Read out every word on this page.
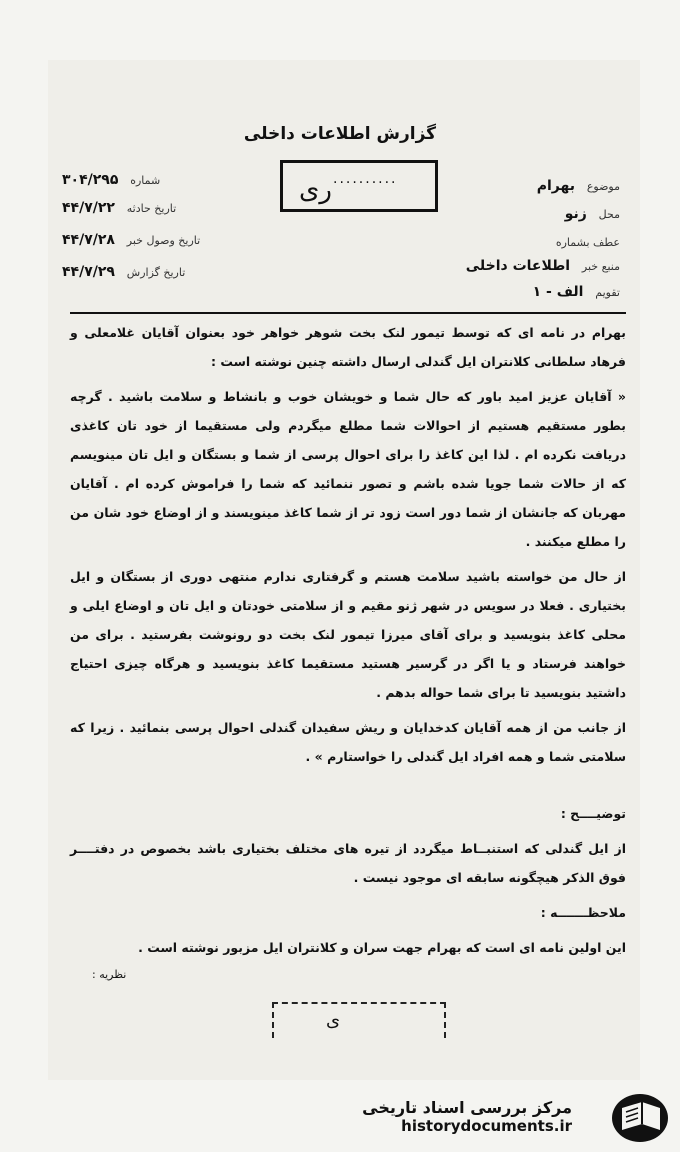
گزارش اطلاعات داخلی
..........
ری
شماره ۳۰۴/۲۹۵
تاریخ حادثه ۴۴/۷/۲۲
تاریخ وصول خبر ۴۴/۷/۲۸
تاریخ گزارش ۴۴/۷/۲۹
موضوع بهرام
محل زنو
عطف بشماره
منبع خبر اطلاعات داخلی
تقویم الف - ۱

بهرام در نامه ای که توسط تیمور لنک بخت شوهر خواهر خود بعنوان آقایان غلامعلی و فرهاد سلطانی کلانتران ایل گندلی ارسال داشته چنین نوشته است :

« آقایان عزیز امید باور که حال شما و خویشان خوب و بانشاط و سلامت باشید . گرچه بطور مستقیم هستیم از احوالات شما مطلع میگردم ولی مستقیما از خود تان کاغذی دریافت نکرده ام . لذا این کاغذ را برای احوال پرسی از شما و بستگان و ایل تان مینویسم که از حالات شما جویا شده باشم و تصور ننمائید که شما را فراموش کرده ام . آقایان مهربان که جانشان از شما دور است زود تر از شما کاغذ مینویسند و از اوضاع خود شان من را مطلع میکنند .

از حال من خواسته باشید سلامت هستم و گرفتاری ندارم منتهی دوری از بستگان و ایل بختیاری . فعلا در سویس در شهر ژنو مقیم و از سلامتی خودتان و ایل تان و اوضاع ایلی و محلی کاغذ بنویسید و برای آقای میرزا تیمور لنک بخت دو رونوشت بفرستید . برای من خواهند فرستاد و یا اگر در گرسیر هستید مستقیما کاغذ بنویسید و هرگاه چیزی احتیاج داشتید بنویسید تا برای شما حواله بدهم .

از جانب من از همه آقایان کدخدایان و ریش سفیدان گندلی احوال پرسی بنمائید . زیرا که سلامتی شما و همه افراد ایل گندلی را خواستارم » .

توضیــــح :

از ایل گندلی که استنبــاط میگردد از تیره های مختلف بختیاری باشد بخصوص در دفتــــر فوق الذکر هیچگونه سابقه ای موجود نیست .

ملاحظـــــــه :

این اولین نامه ای است که بهرام جهت سران و کلانتران ایل مزبور نوشته است .

نظریه :
ی
مرکز بررسی اسناد تاریخی
historydocuments.ir
